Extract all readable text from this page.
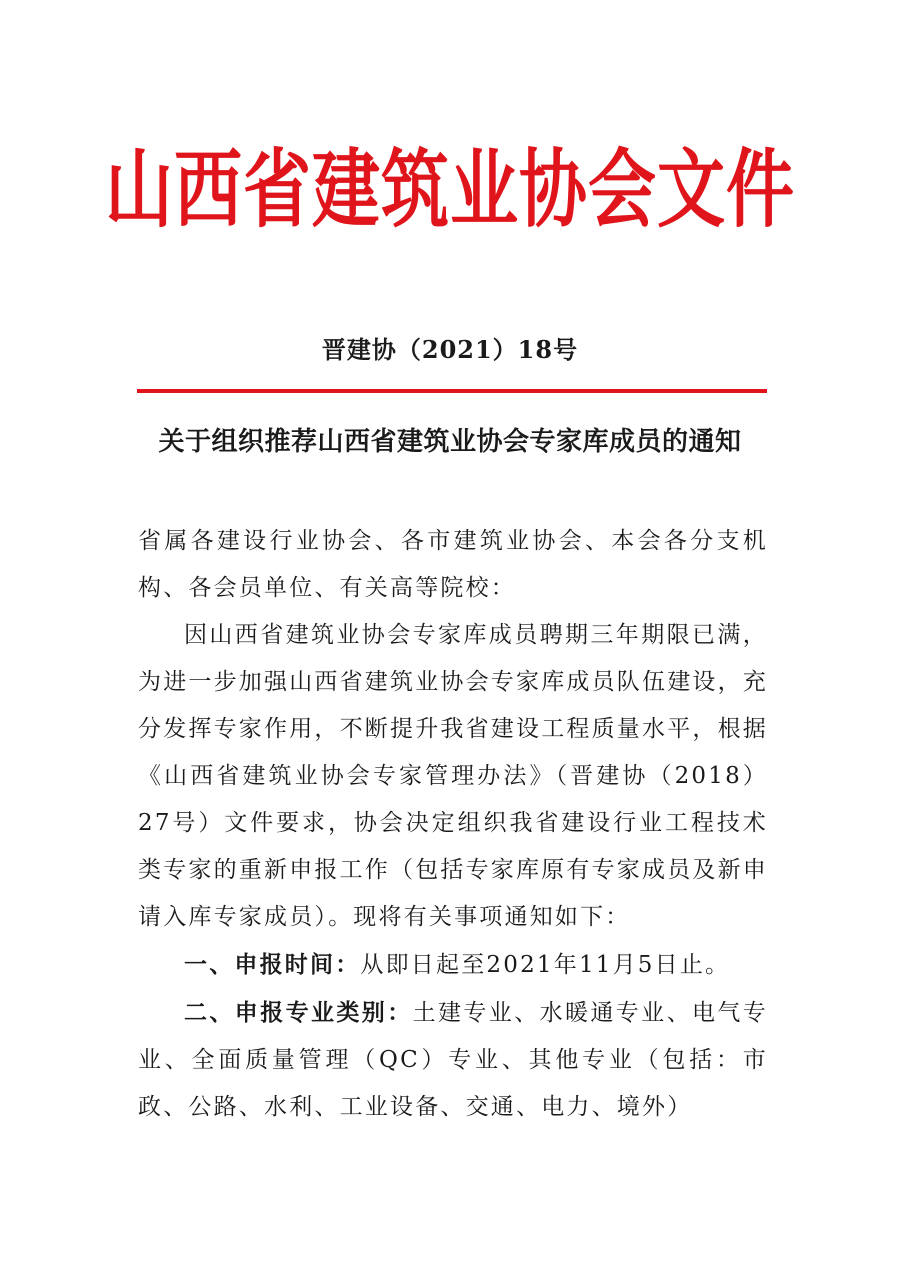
山西省建筑业协会文件
晋建协（2021）18号
关于组织推荐山西省建筑业协会专家库成员的通知

省属各建设行业协会、各市建筑业协会、本会各分支机构、各会员单位、有关高等院校：

因山西省建筑业协会专家库成员聘期三年期限已满，为进一步加强山西省建筑业协会专家库成员队伍建设，充分发挥专家作用，不断提升我省建设工程质量水平，根据《山西省建筑业协会专家管理办法》（晋建协（2018）27号）文件要求，协会决定组织我省建设行业工程技术类专家的重新申报工作（包括专家库原有专家成员及新申请入库专家成员）。现将有关事项通知如下：

一、申报时间：从即日起至2021年11月5日止。

二、申报专业类别：土建专业、水暖通专业、电气专业、全面质量管理（QC）专业、其他专业（包括：市政、公路、水利、工业设备、交通、电力、境外）
